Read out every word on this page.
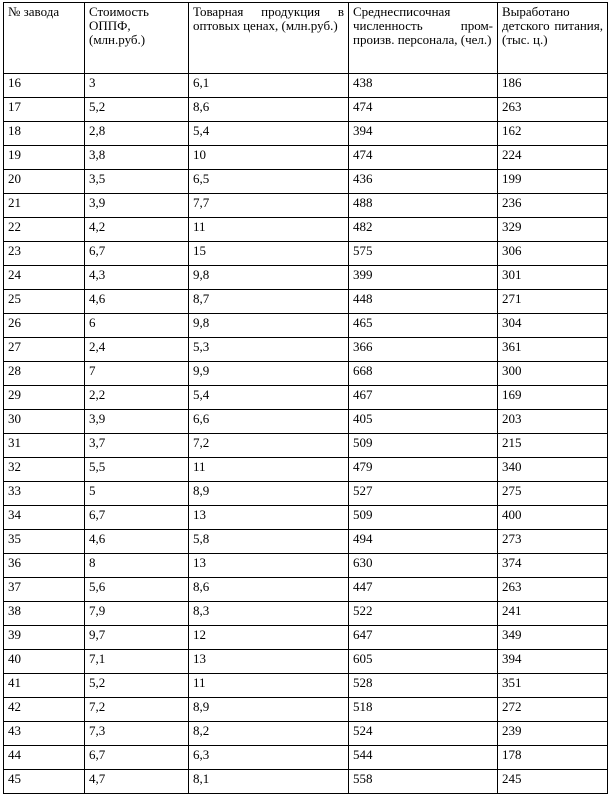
№ завода	Стоимость ОППФ, (млн.руб.)	Товарная продукция в оптовых ценах, (млн.руб.)	Среднесписочная численность пром-произв. персонала, (чел.)	Выработано детского питания, (тыс. ц.)
16	3	6,1	438	186
17	5,2	8,6	474	263
18	2,8	5,4	394	162
19	3,8	10	474	224
20	3,5	6,5	436	199
21	3,9	7,7	488	236
22	4,2	11	482	329
23	6,7	15	575	306
24	4,3	9,8	399	301
25	4,6	8,7	448	271
26	6	9,8	465	304
27	2,4	5,3	366	361
28	7	9,9	668	300
29	2,2	5,4	467	169
30	3,9	6,6	405	203
31	3,7	7,2	509	215
32	5,5	11	479	340
33	5	8,9	527	275
34	6,7	13	509	400
35	4,6	5,8	494	273
36	8	13	630	374
37	5,6	8,6	447	263
38	7,9	8,3	522	241
39	9,7	12	647	349
40	7,1	13	605	394
41	5,2	11	528	351
42	7,2	8,9	518	272
43	7,3	8,2	524	239
44	6,7	6,3	544	178
45	4,7	8,1	558	245
